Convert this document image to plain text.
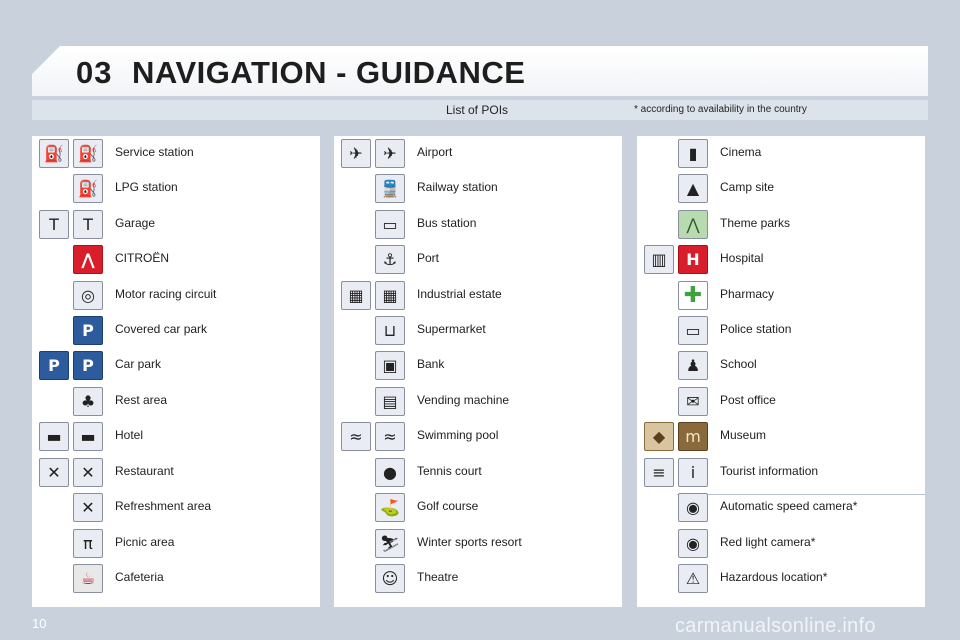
03 NAVIGATION - GUIDANCE
List of POIs	* according to availability in the country
⛽ ⛽	Service station
⛽	LPG station
T	T	Garage
⋀	CITROËN
◎	Motor racing circuit
P	Covered car park
P	P	Car park
♣	Rest area
▬	▬	Hotel
✕	✕	Restaurant
✕	Refreshment area
π	Picnic area
☕	Cafeteria
✈	✈	Airport
🚆	Railway station
▭	Bus station
⚓	Port
▦	▦	Industrial estate
⊔	Supermarket
▣	Bank
▤	Vending machine
≈	≈	Swimming pool
●	Tennis court
⛳	Golf course
⛷	Winter sports resort
☺	Theatre
▮	Cinema
▲	Camp site
⋀	Theme parks
▥	H	Hospital
✚	Pharmacy
▭	Police station
♟	School
✉	Post office
◆	m	Museum
≡	i	Tourist information
◉	Automatic speed camera*
◉	Red light camera*
⚠	Hazardous location*
10	carmanualsonline.info
